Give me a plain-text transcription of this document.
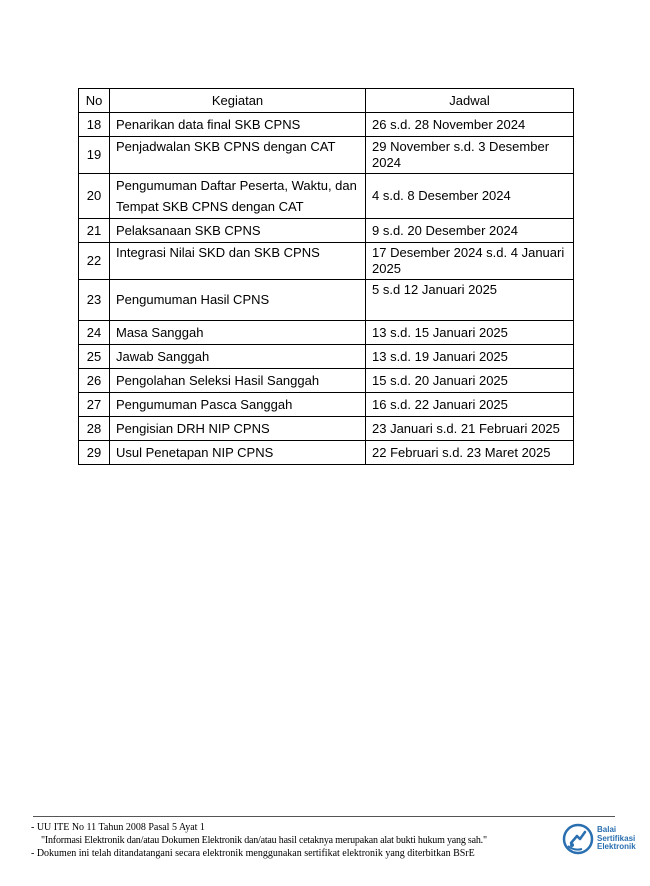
No	Kegiatan	Jadwal
18	Penarikan data final SKB CPNS	26 s.d. 28 November 2024
19	Penjadwalan SKB CPNS dengan CAT	29 November s.d. 3 Desember 2024
20	Pengumuman Daftar Peserta, Waktu, dan Tempat SKB CPNS dengan CAT	4 s.d. 8 Desember 2024
21	Pelaksanaan SKB CPNS	9 s.d. 20 Desember 2024
22	Integrasi Nilai SKD dan SKB CPNS	17 Desember 2024 s.d. 4 Januari 2025
23	Pengumuman Hasil CPNS	5 s.d 12 Januari 2025
24	Masa Sanggah	13 s.d. 15 Januari 2025
25	Jawab Sanggah	13 s.d. 19 Januari 2025
26	Pengolahan Seleksi Hasil Sanggah	15 s.d. 20 Januari 2025
27	Pengumuman Pasca Sanggah	16 s.d. 22 Januari 2025
28	Pengisian DRH NIP CPNS	23 Januari s.d. 21 Februari 2025
29	Usul Penetapan NIP CPNS	22 Februari s.d. 23 Maret 2025
- UU ITE No 11 Tahun 2008 Pasal 5 Ayat 1
"Informasi Elektronik dan/atau Dokumen Elektronik dan/atau hasil cetaknya merupakan alat bukti hukum yang sah."
- Dokumen ini telah ditandatangani secara elektronik menggunakan sertifikat elektronik yang diterbitkan BSrE
Balai
Sertifikasi
Elektronik
